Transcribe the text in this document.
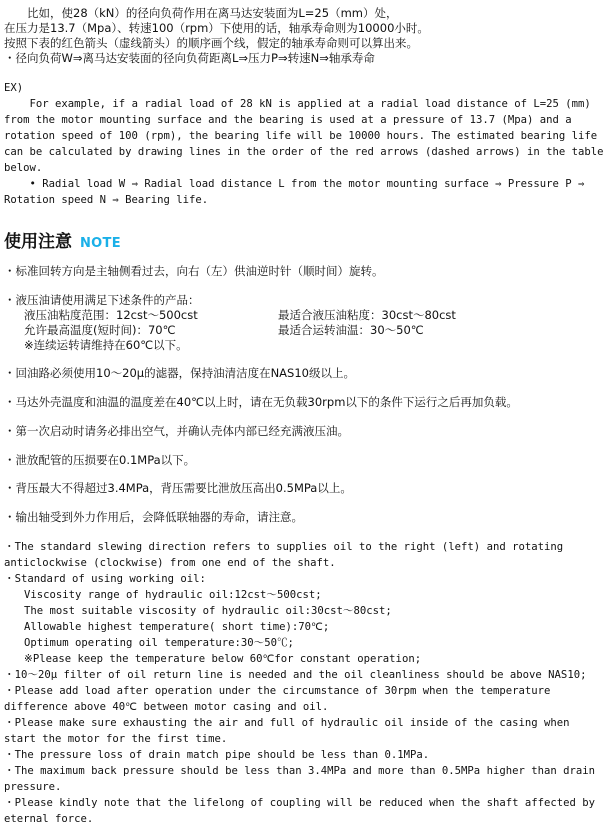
　　比如，使28（kN）的径向负荷作用在离马达安装面为L=25（mm）处，
在压力是13.7（Mpa）、转速100（rpm）下使用的话，轴承寿命则为10000小时。
按照下表的红色箭头（虚线箭头）的顺序画个线，假定的轴承寿命则可以算出来。
・径向负荷W⇒离马达安装面的径向负荷距离L⇒压力P⇒转速N⇒轴承寿命
EX)
For example, if a radial load of 28 kN is applied at a radial load distance of L=25 (mm) from the motor mounting surface and the bearing is used at a pressure of 13.7 (Mpa) and a rotation speed of 100 (rpm), the bearing life will be 10000 hours. The estimated bearing life can be calculated by drawing lines in the order of the red arrows (dashed arrows) in the table below.
• Radial load W ⇒ Radial load distance L from the motor mounting surface ⇒ Pressure P ⇒ Rotation speed N ⇒ Bearing life.
使用注意 NOTE
・标准回转方向是主轴侧看过去，向右（左）供油逆时针（顺时间）旋转。
・液压油请使用满足下述条件的产品：
液压油粘度范围：12cst～500cst	最适合液压油粘度：30cst～80cst
允许最高温度(短时间)：70℃	最适合运转油温：30～50℃
※连续运转请维持在60℃以下。
・回油路必须使用10～20μ的滤器，保持油清洁度在NAS10级以上。
・马达外壳温度和油温的温度差在40℃以上时，请在无负载30rpm以下的条件下运行之后再加负载。
・第一次启动时请务必排出空气，并确认壳体内部已经充满液压油。
・泄放配管的压损要在0.1MPa以下。
・背压最大不得超过3.4MPa，背压需要比泄放压高出0.5MPa以上。
・输出轴受到外力作用后，会降低联轴器的寿命，请注意。
・The standard slewing direction refers to supplies oil to the right (left) and rotating anticlockwise (clockwise) from one end of the shaft.
・Standard of using working oil:
Viscosity range of hydraulic oil:12cst～500cst;
The most suitable viscosity of hydraulic oil:30cst～80cst;
Allowable highest temperature( short time):70℃;
Optimum operating oil temperature:30～50℃;
※Please keep the temperature below 60℃for constant operation;
・10～20μ filter of oil return line is needed and the oil cleanliness should be above NAS10;
・Please add load after operation under the circumstance of 30rpm when the temperature difference above 40℃ between motor casing and oil.
・Please make sure exhausting the air and full of hydraulic oil inside of the casing when start the motor for the first time.
・The pressure loss of drain match pipe should be less than 0.1MPa.
・The maximum back pressure should be less than 3.4MPa and more than 0.5MPa higher than drain pressure.
・Please kindly note that the lifelong of coupling will be reduced when the shaft affected by eternal force.
